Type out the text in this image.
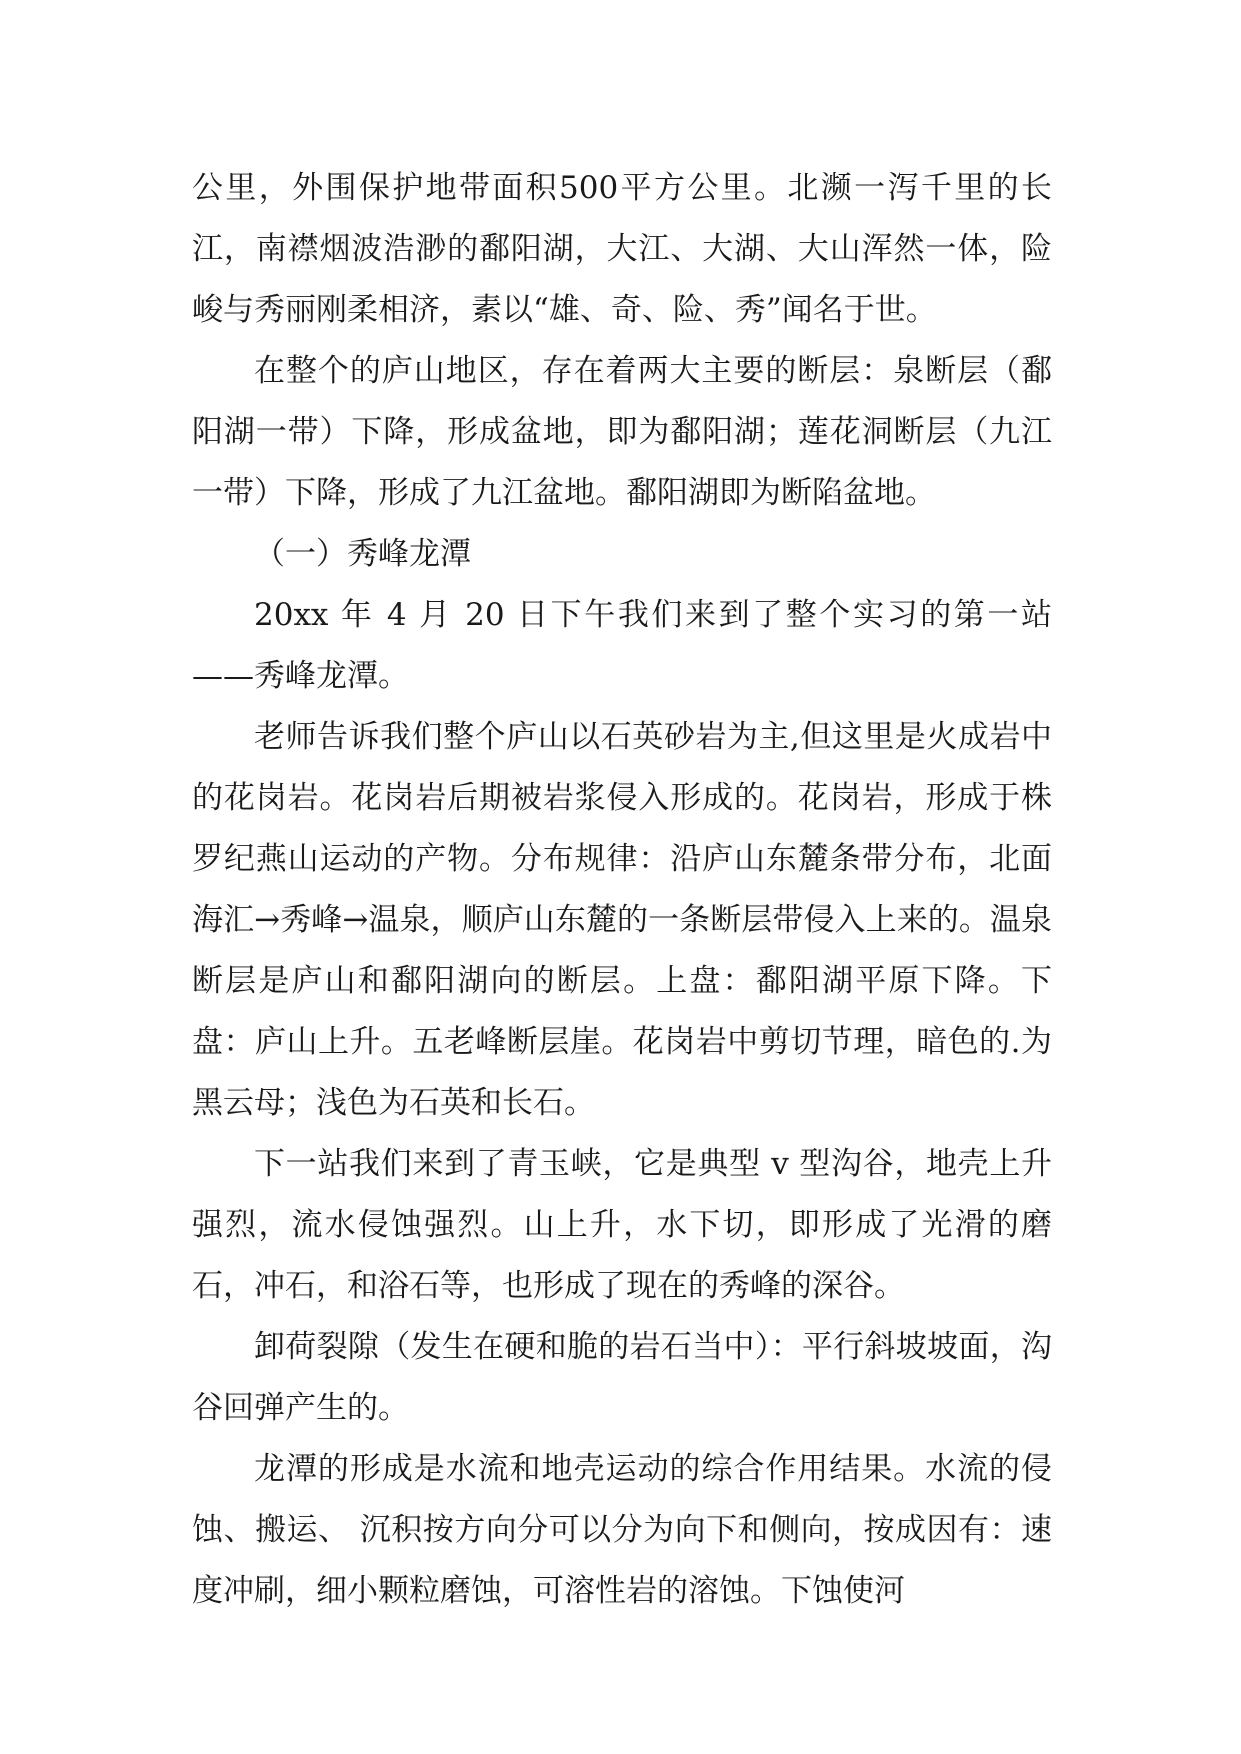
公里，外围保护地带面积500平方公里。北濒一泻千里的长江，南襟烟波浩渺的鄱阳湖，大江、大湖、大山浑然一体，险峻与秀丽刚柔相济，素以“雄、奇、险、秀”闻名于世。

在整个的庐山地区，存在着两大主要的断层：泉断层（鄱阳湖一带）下降，形成盆地，即为鄱阳湖；莲花洞断层（九江一带）下降，形成了九江盆地。鄱阳湖即为断陷盆地。

（一）秀峰龙潭

20xx 年 4 月 20 日下午我们来到了整个实习的第一站——秀峰龙潭。

老师告诉我们整个庐山以石英砂岩为主,但这里是火成岩中的花岗岩。花岗岩后期被岩浆侵入形成的。花岗岩，形成于株罗纪燕山运动的产物。分布规律：沿庐山东麓条带分布，北面海汇→秀峰→温泉，顺庐山东麓的一条断层带侵入上来的。温泉断层是庐山和鄱阳湖向的断层。上盘：鄱阳湖平原下降。下盘：庐山上升。五老峰断层崖。花岗岩中剪切节理，暗色的.为黑云母；浅色为石英和长石。

下一站我们来到了青玉峡，它是典型 v 型沟谷，地壳上升强烈，流水侵蚀强烈。山上升，水下切，即形成了光滑的磨石，冲石，和浴石等，也形成了现在的秀峰的深谷。

卸荷裂隙（发生在硬和脆的岩石当中）：平行斜坡坡面，沟谷回弹产生的。

龙潭的形成是水流和地壳运动的综合作用结果。水流的侵蚀、搬运、 沉积按方向分可以分为向下和侧向，按成因有：速度冲刷，细小颗粒磨蚀，可溶性岩的溶蚀。下蚀使河
